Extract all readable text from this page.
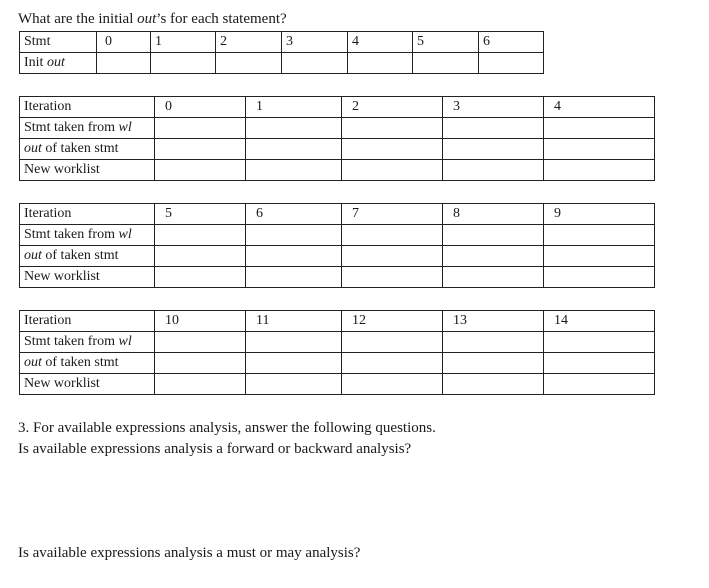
What are the initial out’s for each statement?
Stmt	0	1	2	3	4	5	6
Init out							
Iteration	0	1	2	3	4
Stmt taken from wl					
out of taken stmt					
New worklist					
Iteration	5	6	7	8	9
Stmt taken from wl					
out of taken stmt					
New worklist					
Iteration	10	11	12	13	14
Stmt taken from wl					
out of taken stmt					
New worklist					
3. For available expressions analysis, answer the following questions.
Is available expressions analysis a forward or backward analysis?
Is available expressions analysis a must or may analysis?
